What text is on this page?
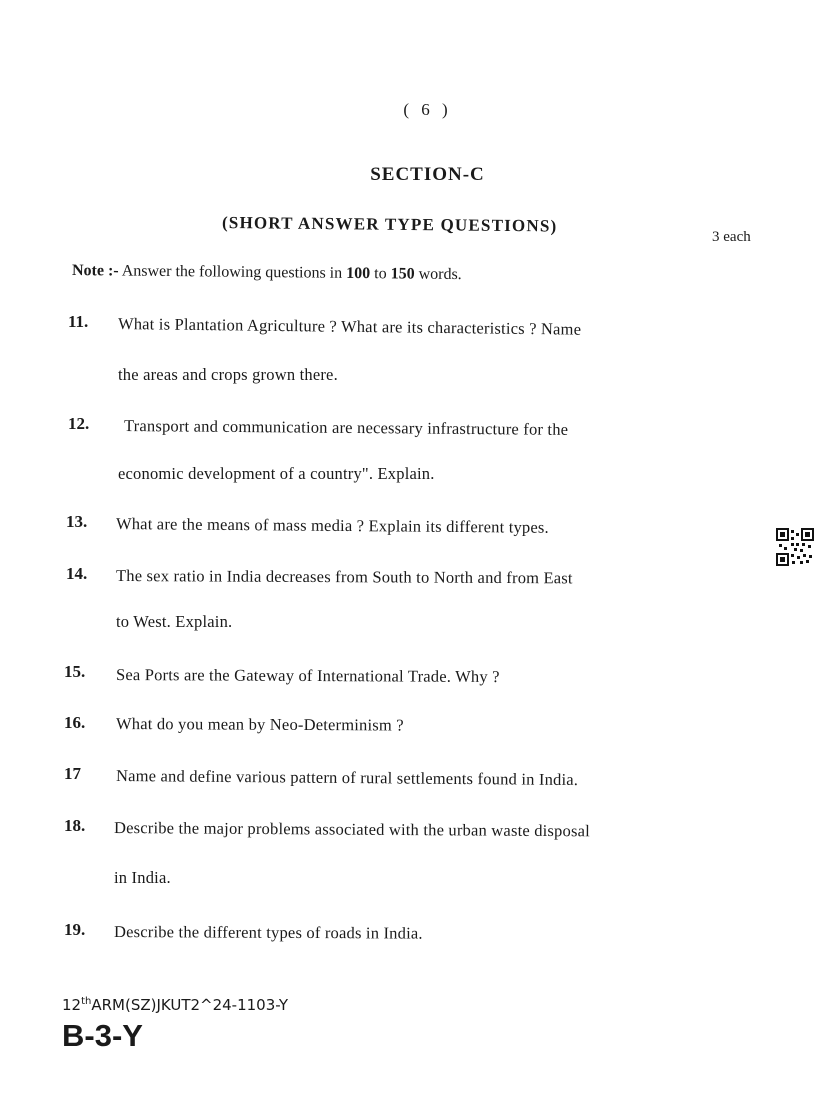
( 6 )
SECTION-C
(SHORT ANSWER TYPE QUESTIONS)
3 each
Note :- Answer the following questions in 100 to 150 words.
11. What is Plantation Agriculture ? What are its characteristics ? Name
the areas and crops grown there.
12. Transport and communication are necessary infrastructure for the
economic development of a country". Explain.
13. What are the means of mass media ? Explain its different types.
14. The sex ratio in India decreases from South to North and from East
to West. Explain.
15. Sea Ports are the Gateway of International Trade. Why ?
16. What do you mean by Neo-Determinism ?
17 Name and define various pattern of rural settlements found in India.
18. Describe the major problems associated with the urban waste disposal
in India.
19. Describe the different types of roads in India.
12thARM(SZ)JKUT2^24-1103-Y
B-3-Y
